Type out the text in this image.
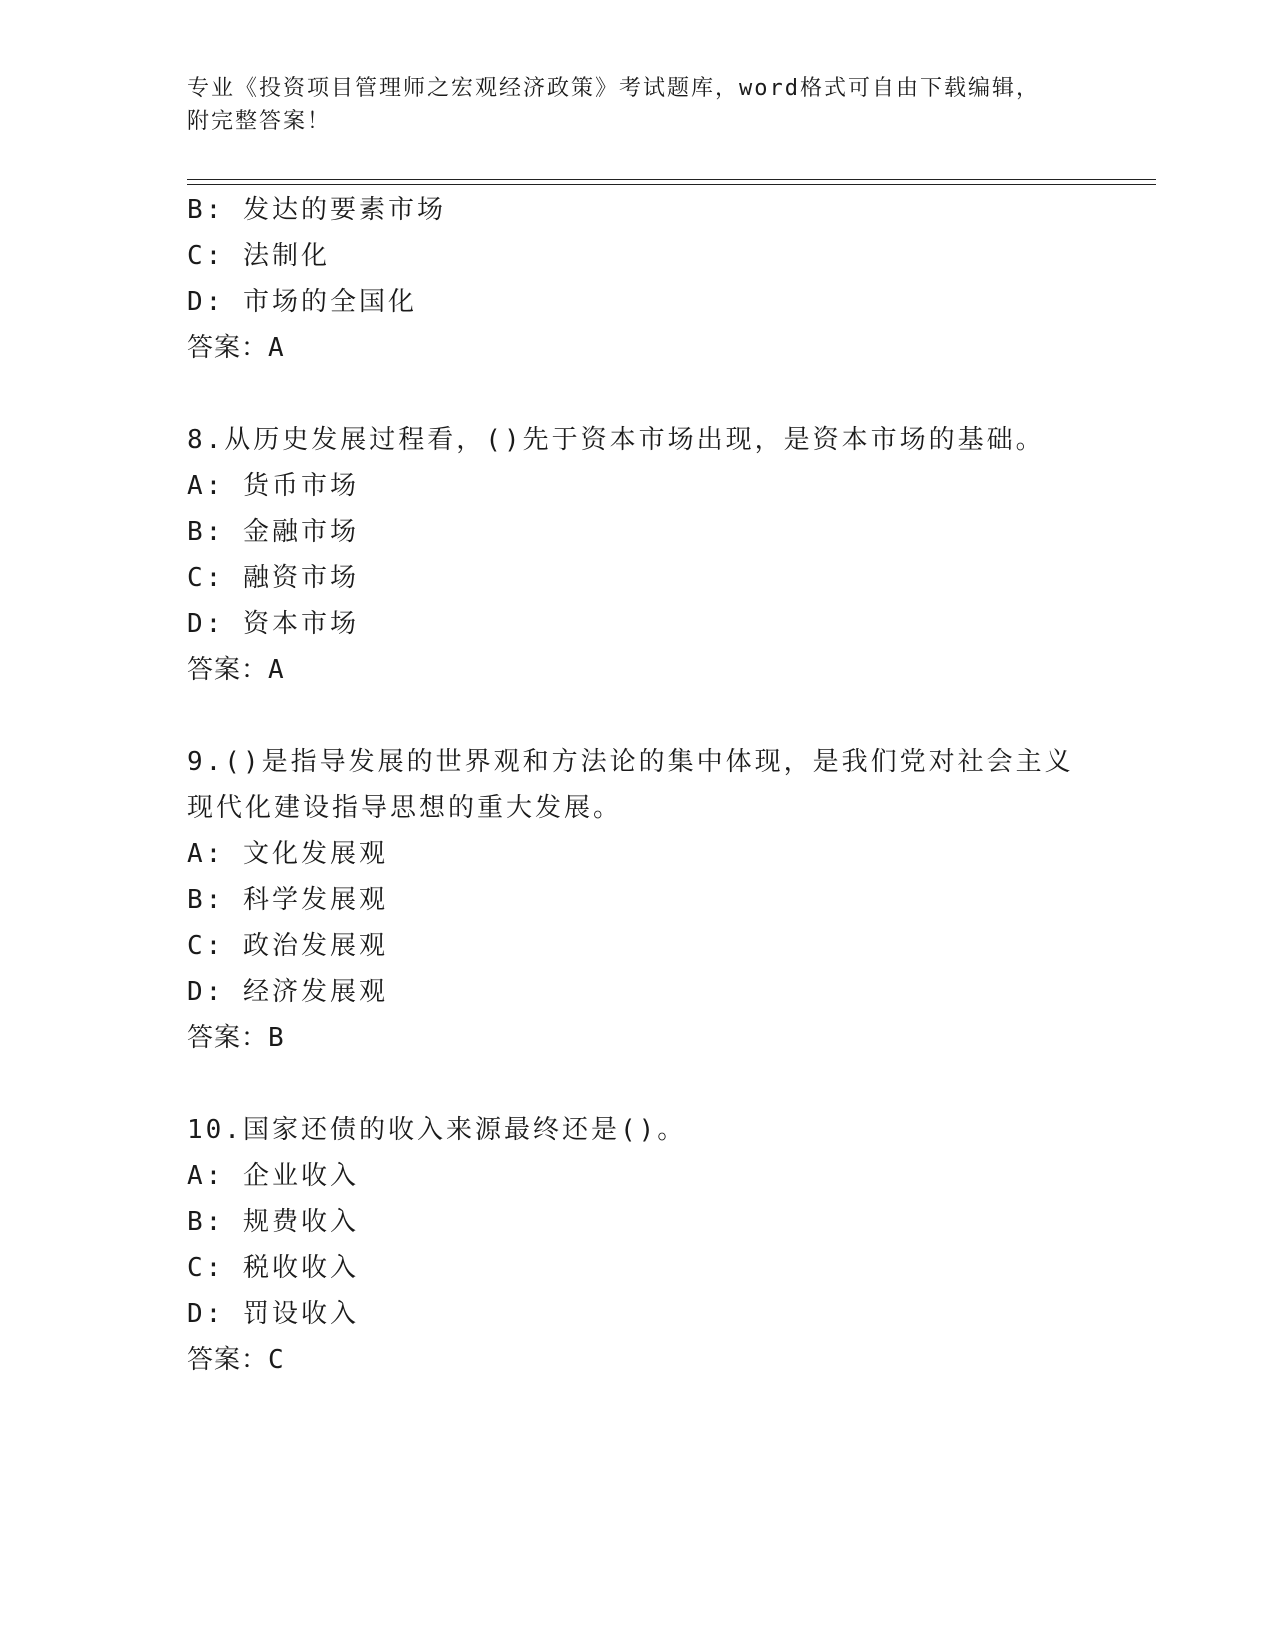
专业《投资项目管理师之宏观经济政策》考试题库，word格式可自由下载编辑，
附完整答案！
B: 发达的要素市场
C: 法制化
D: 市场的全国化
答案：A
8.从历史发展过程看，()先于资本市场出现，是资本市场的基础。
A: 货币市场
B: 金融市场
C: 融资市场
D: 资本市场
答案：A
9.()是指导发展的世界观和方法论的集中体现，是我们党对社会主义
现代化建设指导思想的重大发展。
A: 文化发展观
B: 科学发展观
C: 政治发展观
D: 经济发展观
答案：B
10.国家还债的收入来源最终还是()。
A: 企业收入
B: 规费收入
C: 税收收入
D: 罚设收入
答案：C
